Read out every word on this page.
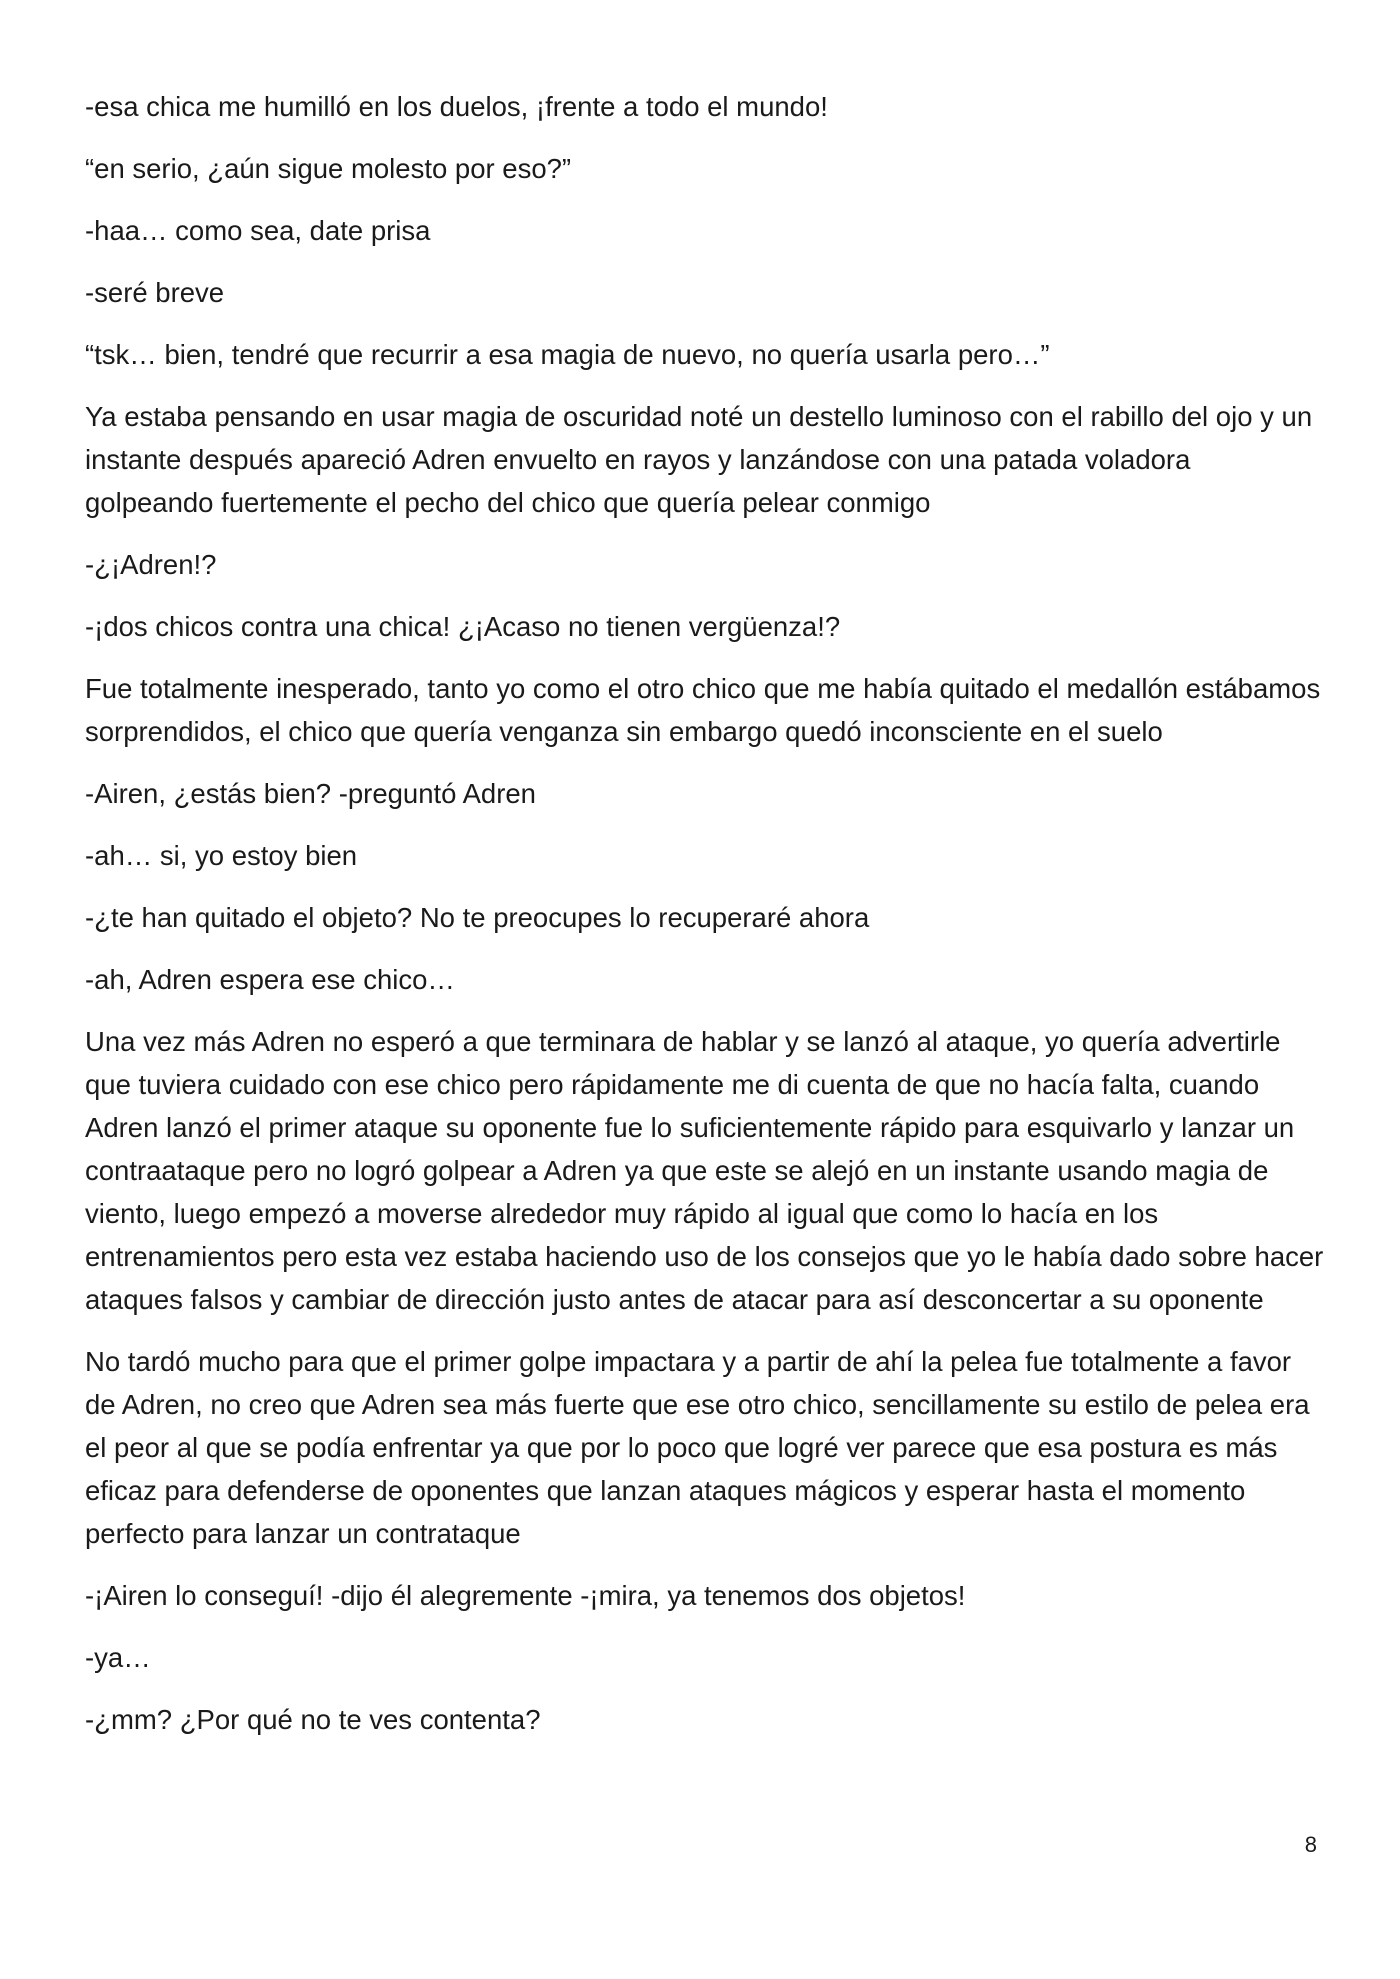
-esa chica me humilló en los duelos, ¡frente a todo el mundo!

“en serio, ¿aún sigue molesto por eso?”

-haa… como sea, date prisa

-seré breve

“tsk… bien, tendré que recurrir a esa magia de nuevo, no quería usarla pero…”

Ya estaba pensando en usar magia de oscuridad noté un destello luminoso con el rabillo del ojo y un instante después apareció Adren envuelto en rayos y lanzándose con una patada voladora golpeando fuertemente el pecho del chico que quería pelear conmigo

-¿¡Adren!?

-¡dos chicos contra una chica! ¿¡Acaso no tienen vergüenza!?

Fue totalmente inesperado, tanto yo como el otro chico que me había quitado el medallón estábamos sorprendidos, el chico que quería venganza sin embargo quedó inconsciente en el suelo

-Airen, ¿estás bien? -preguntó Adren

-ah… si, yo estoy bien

-¿te han quitado el objeto? No te preocupes lo recuperaré ahora

-ah, Adren espera ese chico…

Una vez más Adren no esperó a que terminara de hablar y se lanzó al ataque, yo quería advertirle que tuviera cuidado con ese chico pero rápidamente me di cuenta de que no hacía falta, cuando Adren lanzó el primer ataque su oponente fue lo suficientemente rápido para esquivarlo y lanzar un contraataque pero no logró golpear a Adren ya que este se alejó en un instante usando magia de viento, luego empezó a moverse alrededor muy rápido al igual que como lo hacía en los entrenamientos pero esta vez estaba haciendo uso de los consejos que yo le había dado sobre hacer ataques falsos y cambiar de dirección justo antes de atacar para así desconcertar a su oponente

No tardó mucho para que el primer golpe impactara y a partir de ahí la pelea fue totalmente a favor de Adren, no creo que Adren sea más fuerte que ese otro chico, sencillamente su estilo de pelea era el peor al que se podía enfrentar ya que por lo poco que logré ver parece que esa postura es más eficaz para defenderse de oponentes que lanzan ataques mágicos y esperar hasta el momento perfecto para lanzar un contrataque

-¡Airen lo conseguí! -dijo él alegremente -¡mira, ya tenemos dos objetos!

-ya…

-¿mm? ¿Por qué no te ves contenta?

8
